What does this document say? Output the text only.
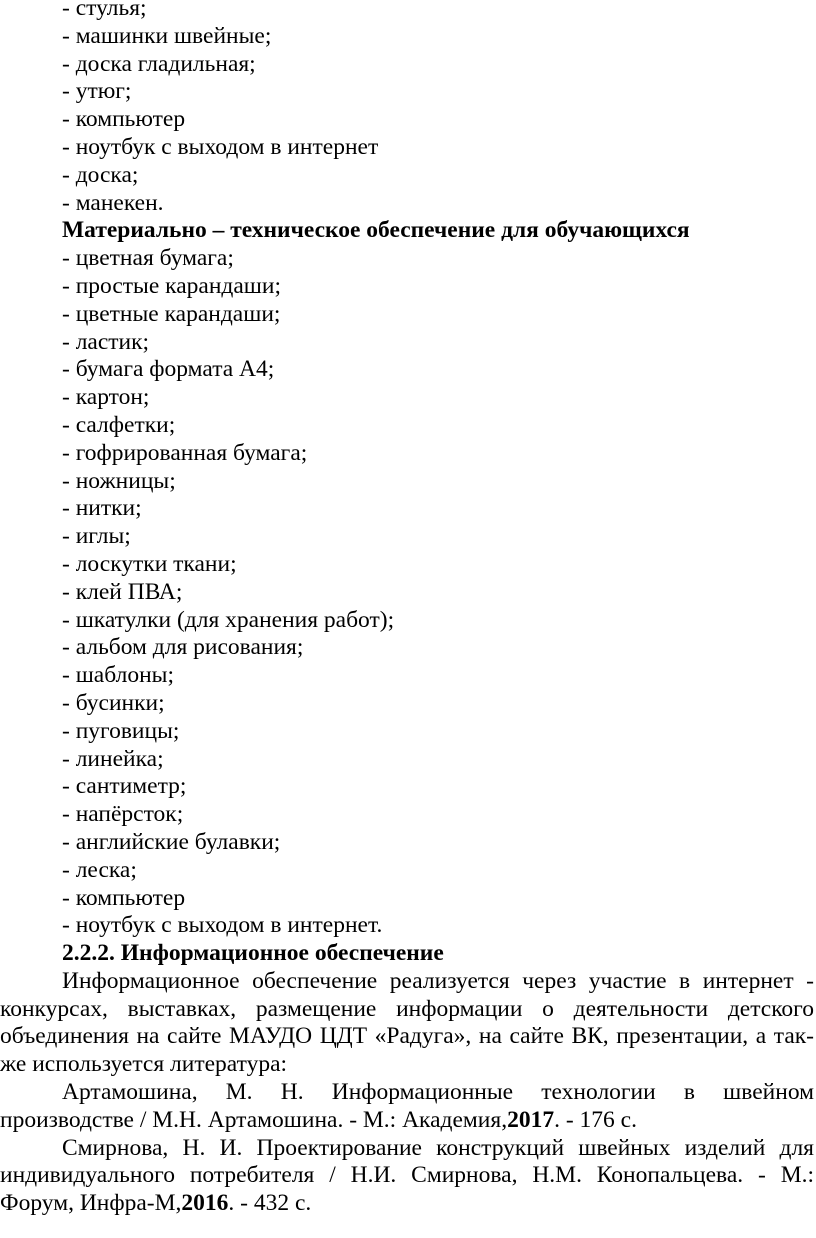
- стулья;
- машинки швейные;
- доска гладильная;
- утюг;
- компьютер
- ноутбук с выходом в интернет
- доска;
- манекен.
Материально – техническое обеспечение для обучающихся
- цветная бумага;
- простые карандаши;
- цветные карандаши;
- ластик;
- бумага формата А4;
- картон;
- салфетки;
- гофрированная бумага;
- ножницы;
- нитки;
- иглы;
- лоскутки ткани;
- клей ПВА;
- шкатулки (для хранения работ);
- альбом для рисования;
- шаблоны;
- бусинки;
- пуговицы;
- линейка;
- сантиметр;
- напёрсток;
- английские булавки;
- леска;
- компьютер
- ноутбук с выходом в интернет.
2.2.2. Информационное обеспечение

Информационное обеспечение реализуется через участие в интернет -
конкурсах, выставках, размещение информации о деятельности детского
объединения на сайте МАУДО ЦДТ «Радуга», на сайте ВК, презентации, а так-
же используется литература:

Артамошина, М. Н. Информационные технологии в швейном
производстве / М.Н. Артамошина. - М.: Академия,2017. - 176 с.

Смирнова, Н. И. Проектирование конструкций швейных изделий для
индивидуального потребителя / Н.И. Смирнова, Н.М. Конопальцева. - М.:
Форум, Инфра-М,2016. - 432 с.
